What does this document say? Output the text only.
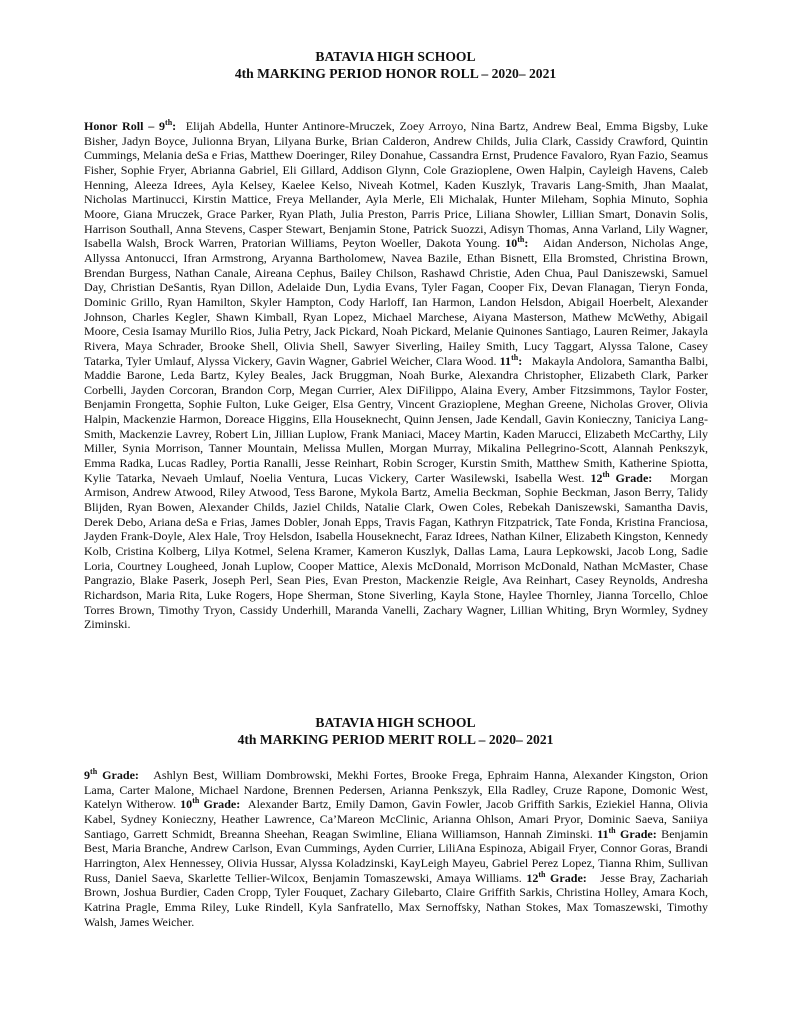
BATAVIA HIGH SCHOOL
4th MARKING PERIOD HONOR ROLL – 2020– 2021
Honor Roll – 9th: Elijah Abdella, Hunter Antinore-Mruczek, Zoey Arroyo, Nina Bartz, Andrew Beal, Emma Bigsby, Luke Bisher, Jadyn Boyce, Julionna Bryan, Lilyana Burke, Brian Calderon, Andrew Childs, Julia Clark, Cassidy Crawford, Quintin Cummings, Melania deSa e Frias, Matthew Doeringer, Riley Donahue, Cassandra Ernst, Prudence Favaloro, Ryan Fazio, Seamus Fisher, Sophie Fryer, Abrianna Gabriel, Eli Gillard, Addison Glynn, Cole Grazioplene, Owen Halpin, Cayleigh Havens, Caleb Henning, Aleeza Idrees, Ayla Kelsey, Kaelee Kelso, Niveah Kotmel, Kaden Kuszlyk, Travaris Lang-Smith, Jhan Maalat, Nicholas Martinucci, Kirstin Mattice, Freya Mellander, Ayla Merle, Eli Michalak, Hunter Mileham, Sophia Minuto, Sophia Moore, Giana Mruczek, Grace Parker, Ryan Plath, Julia Preston, Parris Price, Liliana Showler, Lillian Smart, Donavin Solis, Harrison Southall, Anna Stevens, Casper Stewart, Benjamin Stone, Patrick Suozzi, Adisyn Thomas, Anna Varland, Lily Wagner, Isabella Walsh, Brock Warren, Pratorian Williams, Peyton Woeller, Dakota Young. 10th: Aidan Anderson, Nicholas Ange, Allyssa Antonucci, Ifran Armstrong, Aryanna Bartholomew, Navea Bazile, Ethan Bisnett, Ella Bromsted, Christina Brown, Brendan Burgess, Nathan Canale, Aireana Cephus, Bailey Chilson, Rashawd Christie, Aden Chua, Paul Daniszewski, Samuel Day, Christian DeSantis, Ryan Dillon, Adelaide Dun, Lydia Evans, Tyler Fagan, Cooper Fix, Devan Flanagan, Tieryn Fonda, Dominic Grillo, Ryan Hamilton, Skyler Hampton, Cody Harloff, Ian Harmon, Landon Helsdon, Abigail Hoerbelt, Alexander Johnson, Charles Kegler, Shawn Kimball, Ryan Lopez, Michael Marchese, Aiyana Masterson, Mathew McWethy, Abigail Moore, Cesia Isamay Murillo Rios, Julia Petry, Jack Pickard, Noah Pickard, Melanie Quinones Santiago, Lauren Reimer, Jakayla Rivera, Maya Schrader, Brooke Shell, Olivia Shell, Sawyer Siverling, Hailey Smith, Lucy Taggart, Alyssa Talone, Casey Tatarka, Tyler Umlauf, Alyssa Vickery, Gavin Wagner, Gabriel Weicher, Clara Wood. 11th: Makayla Andolora, Samantha Balbi, Maddie Barone, Leda Bartz, Kyley Beales, Jack Bruggman, Noah Burke, Alexandra Christopher, Elizabeth Clark, Parker Corbelli, Jayden Corcoran, Brandon Corp, Megan Currier, Alex DiFilippo, Alaina Every, Amber Fitzsimmons, Taylor Foster, Benjamin Frongetta, Sophie Fulton, Luke Geiger, Elsa Gentry, Vincent Grazioplene, Meghan Greene, Nicholas Grover, Olivia Halpin, Mackenzie Harmon, Doreace Higgins, Ella Houseknecht, Quinn Jensen, Jade Kendall, Gavin Konieczny, Taniciya Lang-Smith, Mackenzie Lavrey, Robert Lin, Jillian Luplow, Frank Maniaci, Macey Martin, Kaden Marucci, Elizabeth McCarthy, Lily Miller, Synia Morrison, Tanner Mountain, Melissa Mullen, Morgan Murray, Mikalina Pellegrino-Scott, Alannah Penkszyk, Emma Radka, Lucas Radley, Portia Ranalli, Jesse Reinhart, Robin Scroger, Kurstin Smith, Matthew Smith, Katherine Spiotta, Kylie Tatarka, Nevaeh Umlauf, Noelia Ventura, Lucas Vickery, Carter Wasilewski, Isabella West. 12th Grade: Morgan Armison, Andrew Atwood, Riley Atwood, Tess Barone, Mykola Bartz, Amelia Beckman, Sophie Beckman, Jason Berry, Talidy Blijden, Ryan Bowen, Alexander Childs, Jaziel Childs, Natalie Clark, Owen Coles, Rebekah Daniszewski, Samantha Davis, Derek Debo, Ariana deSa e Frias, James Dobler, Jonah Epps, Travis Fagan, Kathryn Fitzpatrick, Tate Fonda, Kristina Franciosa, Jayden Frank-Doyle, Alex Hale, Troy Helsdon, Isabella Houseknecht, Faraz Idrees, Nathan Kilner, Elizabeth Kingston, Kennedy Kolb, Cristina Kolberg, Lilya Kotmel, Selena Kramer, Kameron Kuszlyk, Dallas Lama, Laura Lepkowski, Jacob Long, Sadie Loria, Courtney Lougheed, Jonah Luplow, Cooper Mattice, Alexis McDonald, Morrison McDonald, Nathan McMaster, Chase Pangrazio, Blake Paserk, Joseph Perl, Sean Pies, Evan Preston, Mackenzie Reigle, Ava Reinhart, Casey Reynolds, Andresha Richardson, Maria Rita, Luke Rogers, Hope Sherman, Stone Siverling, Kayla Stone, Haylee Thornley, Jianna Torcello, Chloe Torres Brown, Timothy Tryon, Cassidy Underhill, Maranda Vanelli, Zachary Wagner, Lillian Whiting, Bryn Wormley, Sydney Ziminski.
BATAVIA HIGH SCHOOL
4th MARKING PERIOD MERIT ROLL – 2020– 2021
9th Grade: Ashlyn Best, William Dombrowski, Mekhi Fortes, Brooke Frega, Ephraim Hanna, Alexander Kingston, Orion Lama, Carter Malone, Michael Nardone, Brennen Pedersen, Arianna Penkszyk, Ella Radley, Cruze Rapone, Domonic West, Katelyn Witherow. 10th Grade: Alexander Bartz, Emily Damon, Gavin Fowler, Jacob Griffith Sarkis, Eziekiel Hanna, Olivia Kabel, Sydney Konieczny, Heather Lawrence, Ca’Mareon McClinic, Arianna Ohlson, Amari Pryor, Dominic Saeva, Saniiya Santiago, Garrett Schmidt, Breanna Sheehan, Reagan Swimline, Eliana Williamson, Hannah Ziminski. 11th Grade: Benjamin Best, Maria Branche, Andrew Carlson, Evan Cummings, Ayden Currier, LiliAna Espinoza, Abigail Fryer, Connor Goras, Brandi Harrington, Alex Hennessey, Olivia Hussar, Alyssa Koladzinski, KayLeigh Mayeu, Gabriel Perez Lopez, Tianna Rhim, Sullivan Russ, Daniel Saeva, Skarlette Tellier-Wilcox, Benjamin Tomaszewski, Amaya Williams. 12th Grade: Jesse Bray, Zachariah Brown, Joshua Burdier, Caden Cropp, Tyler Fouquet, Zachary Gilebarto, Claire Griffith Sarkis, Christina Holley, Amara Koch, Katrina Pragle, Emma Riley, Luke Rindell, Kyla Sanfratello, Max Sernoffsky, Nathan Stokes, Max Tomaszewski, Timothy Walsh, James Weicher.
